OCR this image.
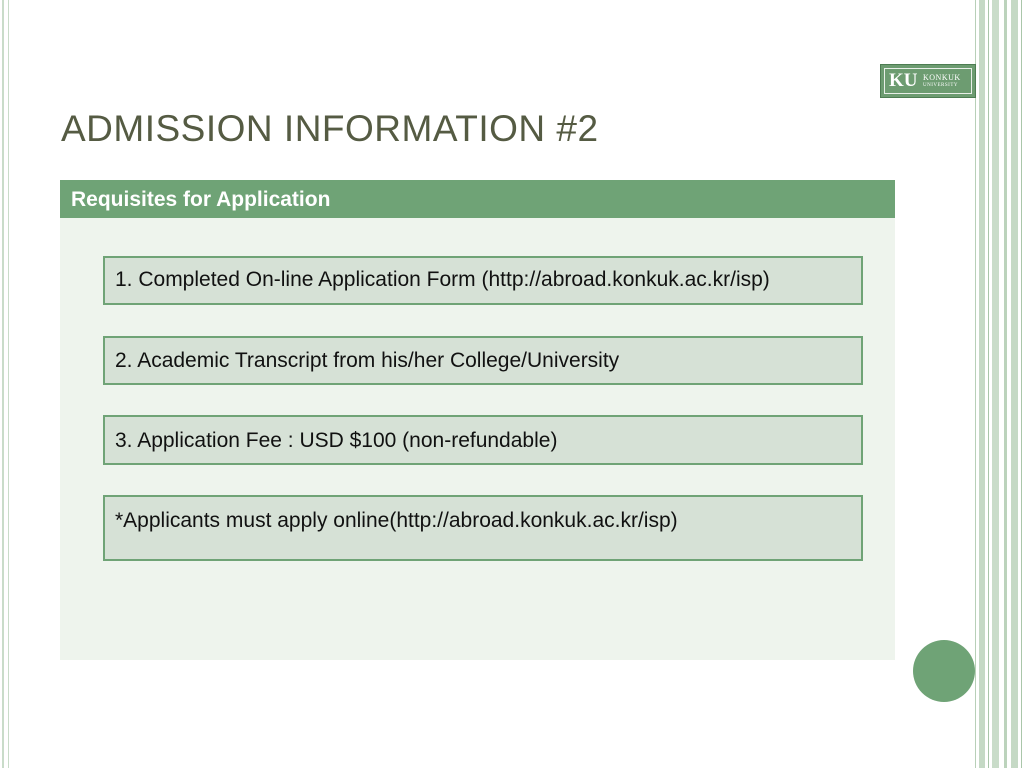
KU KONKUK
UNIVERSITY
ADMISSION INFORMATION #2
Requisites for Application
1. Completed On-line Application Form (http://abroad.konkuk.ac.kr/isp)
2. Academic Transcript from his/her College/University
3. Application Fee : USD $100 (non-refundable)
*Applicants must apply online(http://abroad.konkuk.ac.kr/isp)
